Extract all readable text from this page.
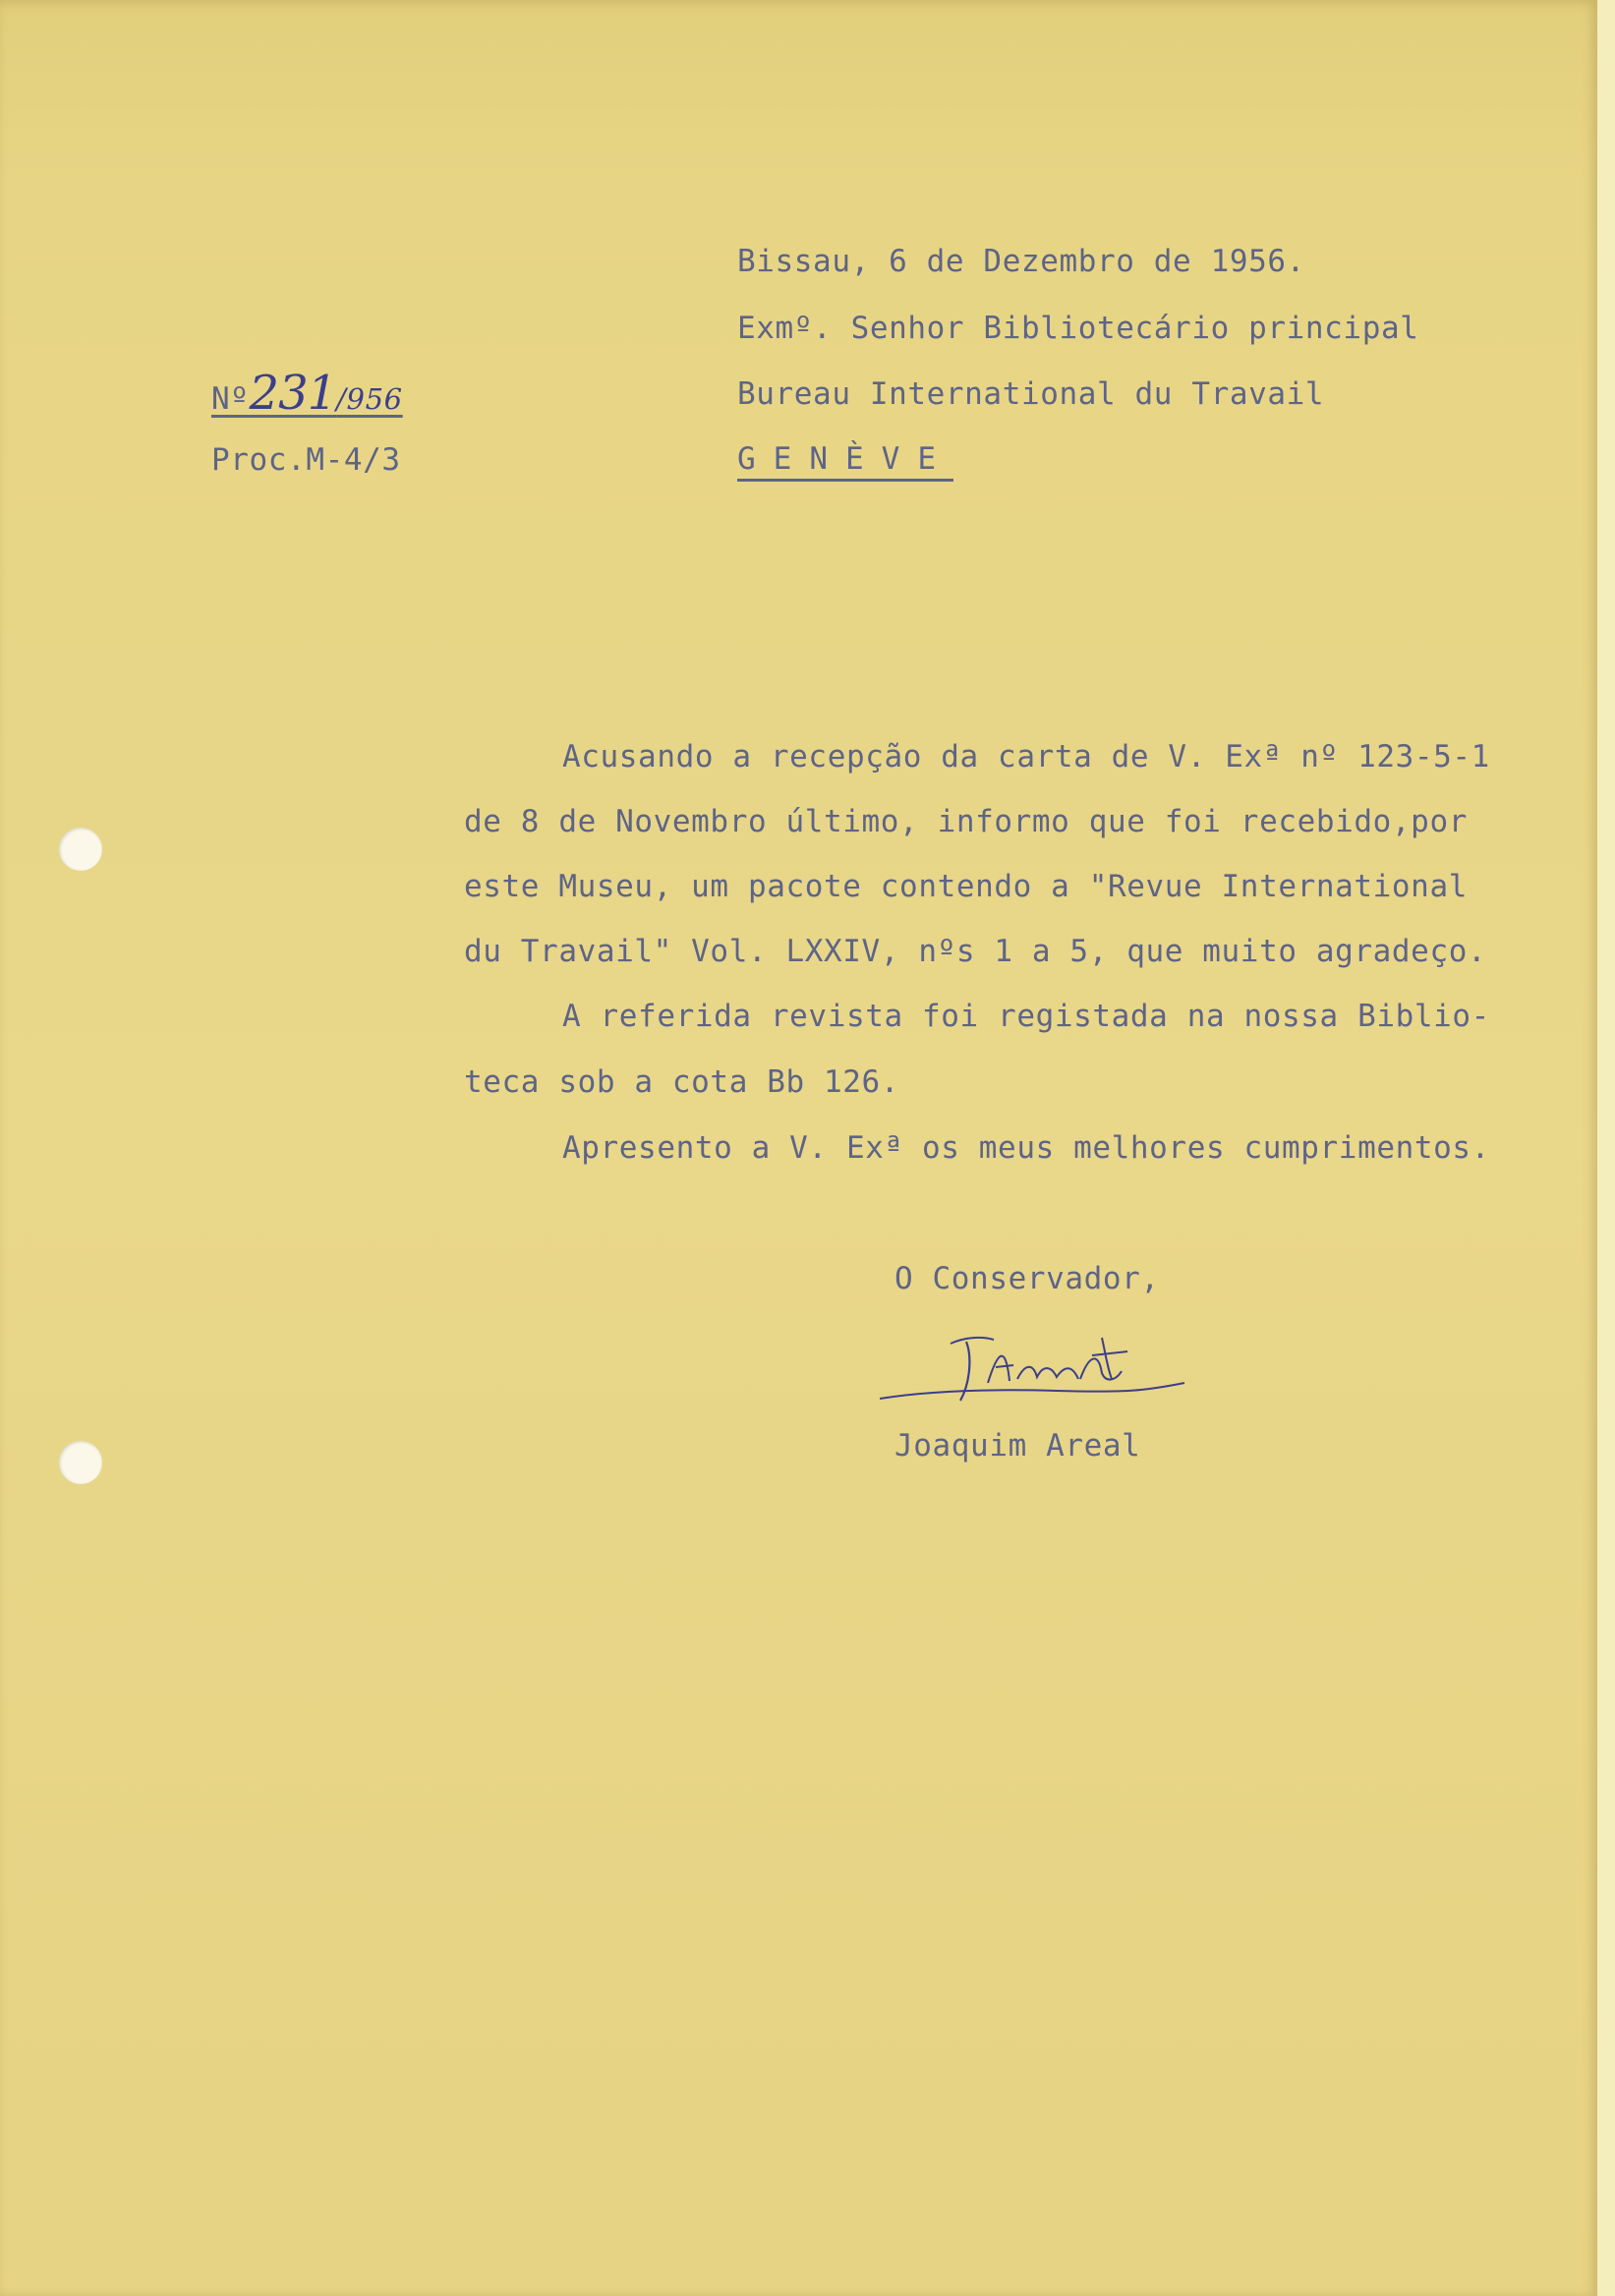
Bissau, 6 de Dezembro de 1956.
Exmº. Senhor Bibliotecário principal
Bureau International du Travail
GENÈVE
Nº231/956
Proc.M-4/3
Acusando a recepção da carta de V. Exª nº 123-5-1
de 8 de Novembro último, informo que foi recebido,por
este Museu, um pacote contendo a "Revue International
du Travail" Vol. LXXIV, nºs 1 a 5, que muito agradeço.
A referida revista foi registada na nossa Biblio-
teca sob a cota Bb 126.
Apresento a V. Exª os meus melhores cumprimentos.
O Conservador,
Joaquim Areal
